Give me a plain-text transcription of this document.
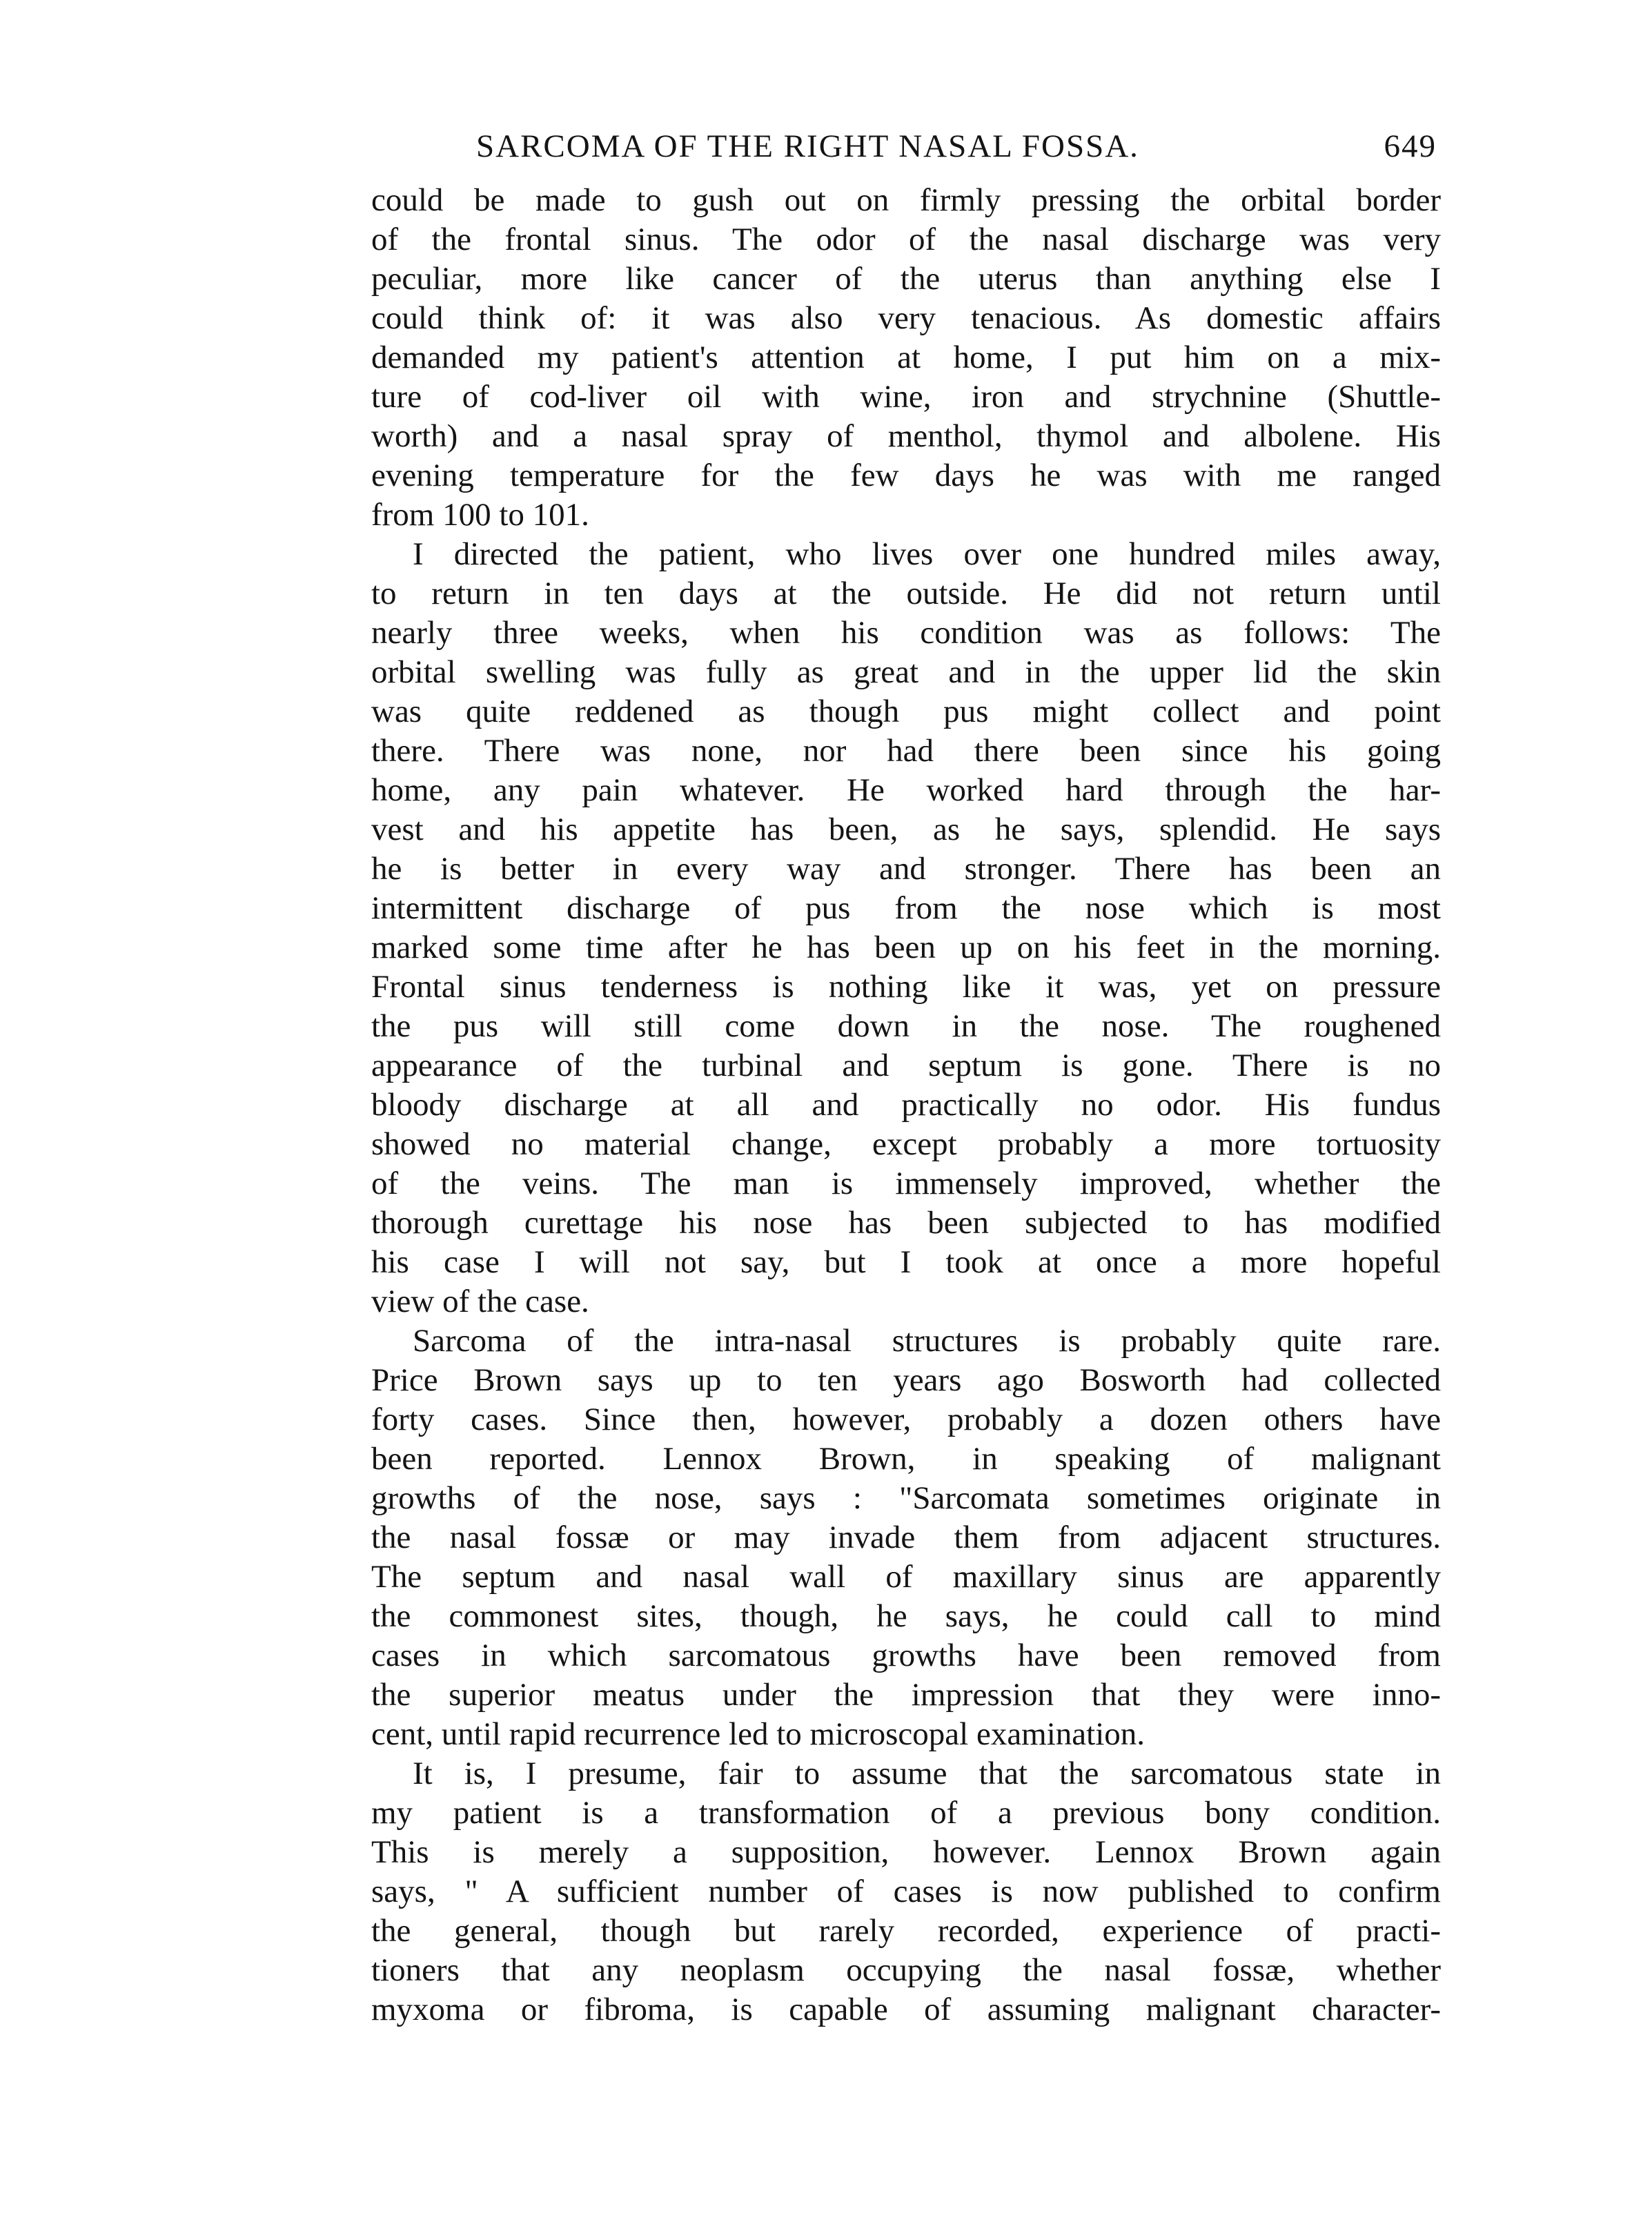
SARCOMA OF THE RIGHT NASAL FOSSA.	649
could be made to gush out on firmly pressing the orbital border
of the frontal sinus. The odor of the nasal discharge was very
peculiar, more like cancer of the uterus than anything else I
could think of: it was also very tenacious. As domestic affairs
demanded my patient's attention at home, I put him on a mix-
ture of cod-liver oil with wine, iron and strychnine (Shuttle-
worth) and a nasal spray of menthol, thymol and albolene. His
evening temperature for the few days he was with me ranged
from 100 to 101.
I directed the patient, who lives over one hundred miles away,
to return in ten days at the outside. He did not return until
nearly three weeks, when his condition was as follows: The
orbital swelling was fully as great and in the upper lid the skin
was quite reddened as though pus might collect and point
there. There was none, nor had there been since his going
home, any pain whatever. He worked hard through the har-
vest and his appetite has been, as he says, splendid. He says
he is better in every way and stronger. There has been an
intermittent discharge of pus from the nose which is most
marked some time after he has been up on his feet in the morning.
Frontal sinus tenderness is nothing like it was, yet on pressure
the pus will still come down in the nose. The roughened
appearance of the turbinal and septum is gone. There is no
bloody discharge at all and practically no odor. His fundus
showed no material change, except probably a more tortuosity
of the veins. The man is immensely improved, whether the
thorough curettage his nose has been subjected to has modified
his case I will not say, but I took at once a more hopeful
view of the case.
Sarcoma of the intra-nasal structures is probably quite rare.
Price Brown says up to ten years ago Bosworth had collected
forty cases. Since then, however, probably a dozen others have
been reported. Lennox Brown, in speaking of malignant
growths of the nose, says : "Sarcomata sometimes originate in
the nasal fossæ or may invade them from adjacent structures.
The septum and nasal wall of maxillary sinus are apparently
the commonest sites, though, he says, he could call to mind
cases in which sarcomatous growths have been removed from
the superior meatus under the impression that they were inno-
cent, until rapid recurrence led to microscopal examination.
It is, I presume, fair to assume that the sarcomatous state in
my patient is a transformation of a previous bony condition.
This is merely a supposition, however. Lennox Brown again
says, " A sufficient number of cases is now published to confirm
the general, though but rarely recorded, experience of practi-
tioners that any neoplasm occupying the nasal fossæ, whether
myxoma or fibroma, is capable of assuming malignant character-
